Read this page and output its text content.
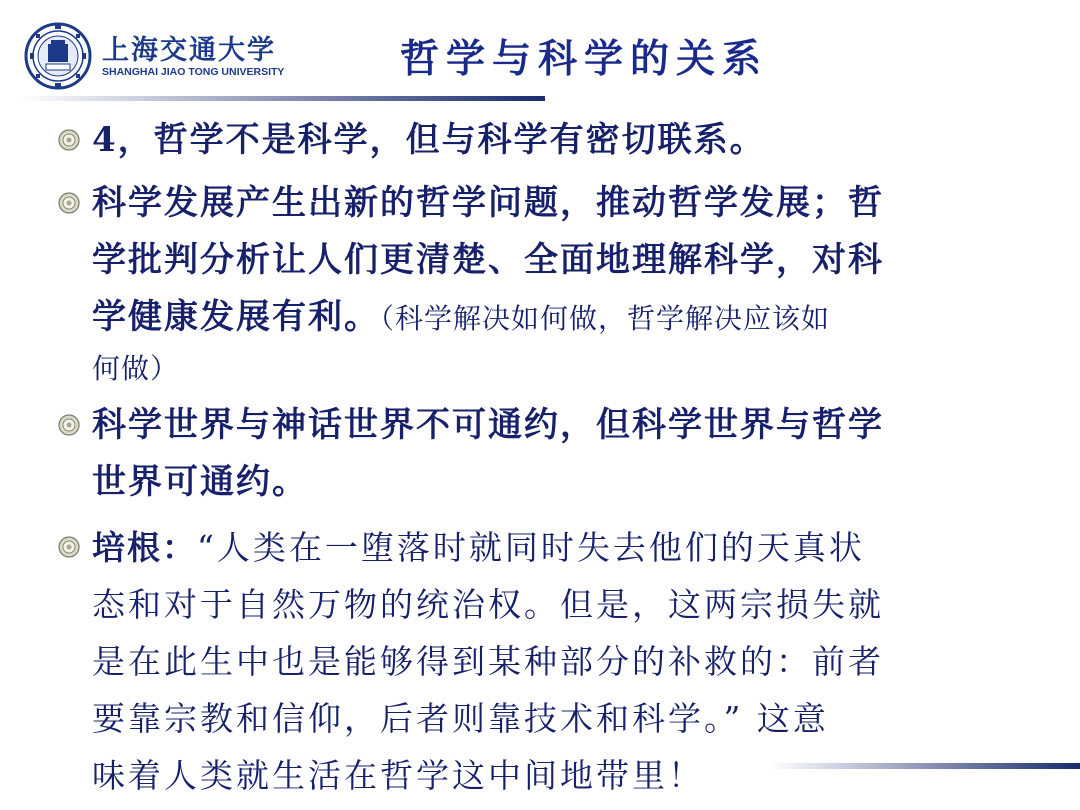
上海交通大学
SHANGHAI JIAO TONG UNIVERSITY	哲学与科学的关系
4，哲学不是科学，但与科学有密切联系。
科学发展产生出新的哲学问题，推动哲学发展；哲
学批判分析让人们更清楚、全面地理解科学，对科
学健康发展有利。（科学解决如何做，哲学解决应该如
何做）
科学世界与神话世界不可通约，但科学世界与哲学
世界可通约。
培根：“人类在一堕落时就同时失去他们的天真状
态和对于自然万物的统治权。但是，这两宗损失就
是在此生中也是能够得到某种部分的补救的：前者
要靠宗教和信仰，后者则靠技术和科学。” 这意
味着人类就生活在哲学这中间地带里！
